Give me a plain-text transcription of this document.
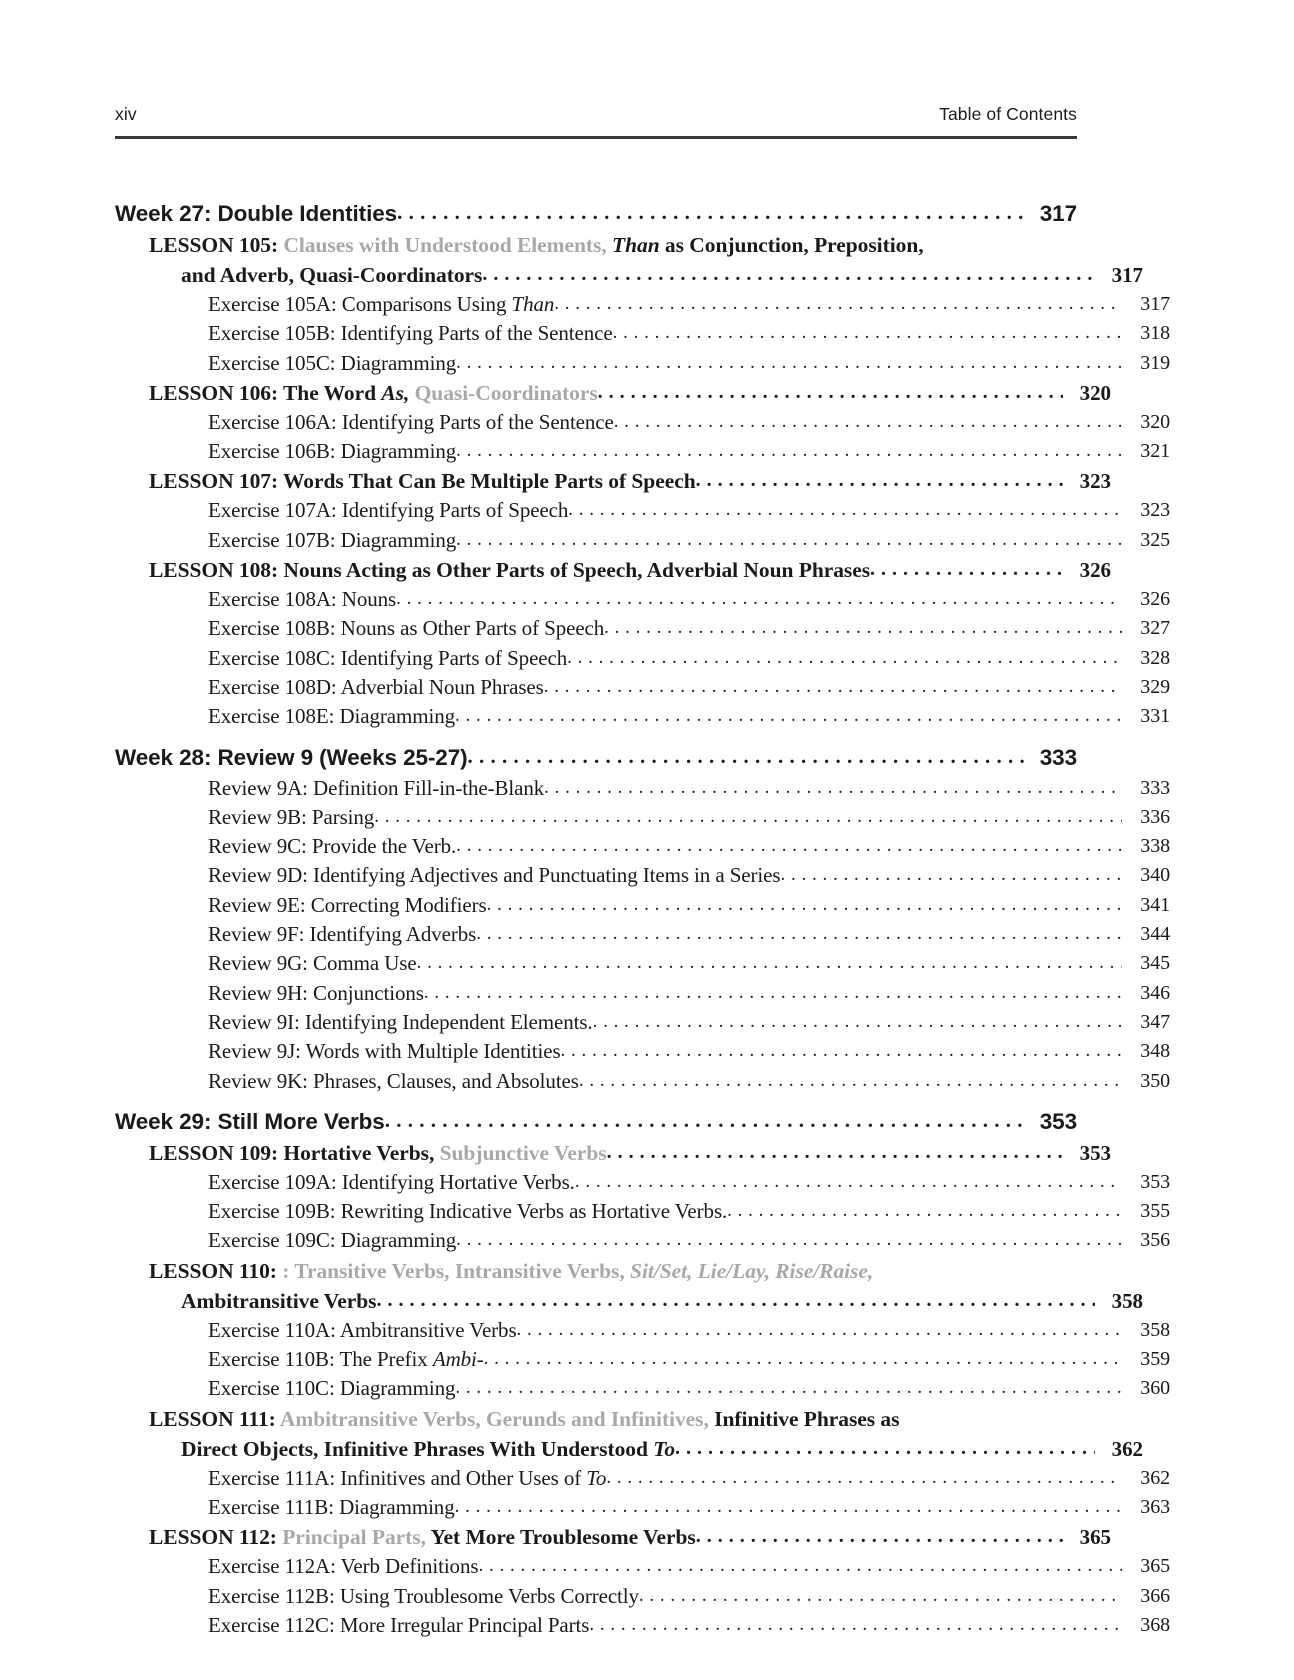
xiv	Table of Contents
Week 27: Double Identities . . .	317
LESSON 105: Clauses with Understood Elements, Than as Conjunction, Preposition,
and Adverb, Quasi-Coordinators . . .	317
Exercise 105A: Comparisons Using Than . . .	317
Exercise 105B: Identifying Parts of the Sentence . . .	318
Exercise 105C: Diagramming . . .	319
LESSON 106: The Word As, Quasi-Coordinators . . .	320
Exercise 106A: Identifying Parts of the Sentence . . .	320
Exercise 106B: Diagramming . . .	321
LESSON 107: Words That Can Be Multiple Parts of Speech . . .	323
Exercise 107A: Identifying Parts of Speech . . .	323
Exercise 107B: Diagramming . . .	325
LESSON 108: Nouns Acting as Other Parts of Speech, Adverbial Noun Phrases . . .	326
Exercise 108A: Nouns . . .	326
Exercise 108B: Nouns as Other Parts of Speech . . .	327
Exercise 108C: Identifying Parts of Speech . . .	328
Exercise 108D: Adverbial Noun Phrases . . .	329
Exercise 108E: Diagramming . . .	331
Week 28: Review 9 (Weeks 25-27) . . .	333
Review 9A: Definition Fill-in-the-Blank . . .	333
Review 9B: Parsing . . .	336
Review 9C: Provide the Verb. . . .	338
Review 9D: Identifying Adjectives and Punctuating Items in a Series . . .	340
Review 9E: Correcting Modifiers . . .	341
Review 9F: Identifying Adverbs . . .	344
Review 9G: Comma Use . . .	345
Review 9H: Conjunctions . . .	346
Review 9I: Identifying Independent Elements. . . .	347
Review 9J: Words with Multiple Identities . . .	348
Review 9K: Phrases, Clauses, and Absolutes . . .	350
Week 29: Still More Verbs . . .	353
LESSON 109: Hortative Verbs, Subjunctive Verbs . . .	353
Exercise 109A: Identifying Hortative Verbs. . . .	353
Exercise 109B: Rewriting Indicative Verbs as Hortative Verbs. . . .	355
Exercise 109C: Diagramming . . .	356
LESSON 110: : Transitive Verbs, Intransitive Verbs, Sit/Set, Lie/Lay, Rise/Raise,
Ambitransitive Verbs . . .	358
Exercise 110A: Ambitransitive Verbs . . .	358
Exercise 110B: The Prefix Ambi- . . .	359
Exercise 110C: Diagramming . . .	360
LESSON 111: Ambitransitive Verbs, Gerunds and Infinitives, Infinitive Phrases as
Direct Objects, Infinitive Phrases With Understood To . . .	362
Exercise 111A: Infinitives and Other Uses of To . . .	362
Exercise 111B: Diagramming . . .	363
LESSON 112: Principal Parts, Yet More Troublesome Verbs . . .	365
Exercise 112A: Verb Definitions . . .	365
Exercise 112B: Using Troublesome Verbs Correctly . . .	366
Exercise 112C: More Irregular Principal Parts . . .	368
